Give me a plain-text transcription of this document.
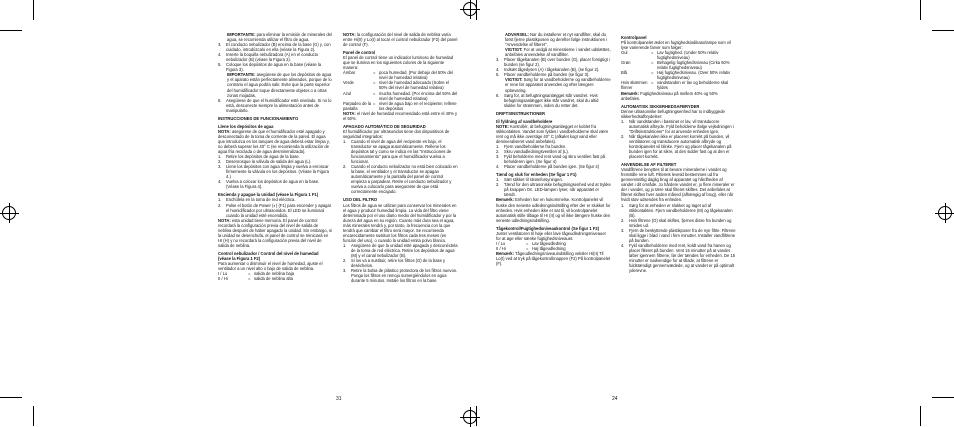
IMPORTANTE: para eliminar la emisión de minerales del agua, se recomienda utilizar el filtro de agua.

3.	El conducto nebulizador (B) encima de la base (G) y, con cuidado, introdúzcalo en ella (véase la Figura 2).
4.	Inserte la boquilla nebulizadora (A) en el conducto nebulizador (B) (véase la Figura 2).
5.	Coloque los depósitos de agua en la base (véase la Figura 3).

IMPORTANTE: asegúrese de que los depósitos de agua y el aparato están perfectamente alineados, porque de lo contrario el agua podría salir. Evite que la parte superior del humidificador toque directamente objetos o a otras zonas mojadas.

6.	Asegúrese de que el humidificador esté nivelado. Si no lo está, desconecte siempre la alimentación antes de manipularlo.

INSTRUCCIONES DE FUNCIONAMIENTO

Llene los depósitos de agua

NOTA: asegúrese de que el humidificador esté apagado y desconectado de la toma de corriente de la pared. El agua que introduzca en los tanques de agua deberá estar limpia y, no deberá superar los 40° C (se recomienda la utilización de agua fría reciclada o de agua desmineralizada).

1.	Retire los depósitos de agua de la base.
2.	Desenrosque la válvula de salida del agua (L).
3.	Llene los depósitos con agua limpia y vuelva a enroscar firmemente la válvula en los depósitos. (Véase la Figura 4.)
4.	Vuelva a colocar los depósitos de agua en la base. (Véase la Figura 4).

Encienda y apague la unidad (véase la Figura 1 F1)

1.	Enchúfela en la toma de red eléctrica.
2.	Pulse el botón de Power (◐) (F1) para encender y apagar el humidificador por ultrasonidos. El LED se iluminará cuando la unidad esté encendida.

NOTA: esta unidad tiene memoria. El panel de control recordará la configuración previa del nivel de salida de neblina después de haber apagado la unidad. Sin embargo, si la unidad se desenchufa, el panel de control se reiniciará en HI (H) y no recordará la configuración previa del nivel de salida de neblina.

Control nebulizador / Control del nivel de humedad (véase la Figura 1 F2)

Para aumentar o disminuir el nivel de humedad, ajuste el ventilador a un nivel alto o bajo de salida de neblina.

I / Lo	= salida de neblina baja
II / Hi	= salida de neblina alta

NOTA: la configuración del nivel de salida de neblina varía entre Hi(II) y Lo(I) al tocar el control nebulizador (F2) del panel de control (F).

Panel de control

El panel de control tiene un indicador luminoso de humedad que se ilumina en los siguientes colores de la siguiente manera:

Ámbar	= poca humedad. (Por debajo del 50% del nivel de humedad relativa)
Verde	= nivel de humedad adecuado (Sobre el 50% del nivel de humedad relativa)
Azul	= mucha humedad. (Por encima del 50% del nivel de humedad relativa)
Parpadeo de la pantalla
= nivel de agua bajo en el recipiente; rellene los depósitos

NOTA: el nivel de humedad recomendado está entre el 40% y el 50%.

APAGADO AUTOMÁTICO DE SEGURIDAD

El humidificador por ultrasonidos tiene dos dispositivos de seguridad integrados:

1.	Cuando el nivel de agua del recipiente es bajo, el transductor se apaga automáticamente. Rellene los depósitos tal y como se indica en las "Instrucciones de funcionamiento" para que el humidificador vuelva a funcionar.
2.	Cuando el conducto nebulizador no está bien colocado en la base, el ventilador y el transductor se apagan automáticamente y la pantalla del panel de control empieza a parpadear. Retire el conducto nebulizador y vuelva a colocarlo para asegurarse de que está correctamente encajado.

USO DEL FILTRO

Los filtros de agua se utilizan para conservar los minerales en el agua y producir humedad limpia. La vida del filtro viene determinada por el uso diario medio del humidificador y por la dureza del agua en su región. Cuanto más dura sea el agua, más minerales tendrá y, por tanto, la frecuencia con la que tendrá que cambiar el filtro será mayor. Se recomienda encarecidamente sustituir los filtros cada tres meses (en función del uso), o cuando la unidad emita polvo blanco.

1.	Asegúrese de que la unidad esté apagada y desconéctela de la toma de red eléctrica. Retire los depósitos de agua (M) y el canal nebulizador (B).
2.	Si los va a sustituir, retire los filtros (O) de la base y deséchelos.
3.	Retire la bolsa de plástico protectora de los filtros nuevos. Ponga los filtros en remojo sumergiéndolos en agua durante 5 minutos. Instale los filtros en la base.

ADVARSEL: Nar du installerer et nyt vandfilter, skal du først fjerne plastikposen og derefter følge instruktionen i "Anvendelse af filteret".

VIGTIGT: For at undgå at mineralerne i vandet udslættes, anbefales anvendelse af vandfilter.

3.	Placer tågekanalen (B) over bunden (G), placer forsigtigt i bunden (se figur 2).
4.	Indsæt tågedysen (A) i tågekanalen (B), (se figur 2).
5.	Placer vandbeholderne på bunden (se figur 3).

VIGTIGT: Sørg for at vandbeholderne og vandbeholderne er rene før apparatet anvendes og efter længere opbevaring.

6.	Sørg for, at befugtningsanlægget står vandret. Hvis befugtningsanlægget ikke står vandret, skal du altid slukke for strømmen, inden du retter det.

DRIFTSINSTRUKTIONER

til fyldning af vandbeholdere

NOTE: Kontrollér, at befugtningsanlægget er koblet fra stikkontakten. Vandet som fyldes i vandbeholderne skal være rent og må ikke overstige 40° C (afkølet kogt vand eller demineraliseret vand anbefales).

1.	Fjern vandbeholderne fra bunden.
2.	Skru vandudledningsventilen af (L).
3.	Fyld beholderne med rent vand og skru ventilen fast på beholderen igen. (Se figur 4)
4.	Placer vandbeholderne på bunden igen. (Se figur 4)

Tænd og sluk for enheden (Se figur 1 F1)

1.	Sæt stikket til strømforsyningen.
2.	Tænd for den ultrasoniske befugtningsenhed ved at trykke på knappen On. LED-lampen lyser, når apparatet er tændt.

Bemærk: Enheden har en hukommelse. Kontrolpanelet vil huske den seneste udledningsindstilling efter der er slukket for enheden. Hvis enheden ikke er sat til, vil kontrolpanelet automatisk stille tilbage til Hi (II) og vil ikke længere huske den seneste udledningsindstilling.

Tågekontrol/Fugtighedsniveaukontrol (Se figur 1 F2)

Juster ventilatoren til høje eller lave tågeudledningsniveauer for at øge eller sænke fugtighedsniveauet.

I / Lo	= Lav tågeudledning
II / Hi	= Høj tågeudledning

Bemærk: Tågeudledningsniveauindstilling veksler Hi(II) Til Lo(I) ved at tryk på tågekontrolknappen (F2) På kontrolpanelet (F).

Kontrolpanel

På kontrolpanelet ædet en fugtighedsindikatorlampe som vil lyse varierende farver som følger:

Gul	= Lav fugtighed. (Under 50% relativ fugtighedsniveau)
Grøn	= Behagelig fugtighedsniveau (Cirka 50% relativ fugtighedsniveau)
Blå	= Høj fugtighedsniveau. (Over 50% relativ fugtighedsniveau)
Hvis skærmen flimrer
= vandstanden er lav og beholderne skal fyldes

Bemærk: Fugtighedsniveau på mellem 40% og 50% anbefales.

AUTOMATISK SIKKERHEDSAFBRYDER

Denne ultrasoniske befugtningsenhed har to indbyggede sikkerhedsafbrydelser:

1.	Når vandstanden i bassinet er lav, vil transducere automatisk afbryde. Fyld beholderne ifølge vejledningen i "Driftsinstruktioner" for at anvende enheden igen.
2.	Når tågekanalen ikke er placeret korrekt på bunden, vil ventilatoren og transducere automatisk afbryde og kontrolpanelet vil blinke. Fjern og placer tågekanalen på bunden igen for at sikre, at den sidder fast og at den er placeret korrekt.

ANVENDELSE AF FILTERET

Vandfiltrene benyttes til at bevare mineralerne i vandet og fremstille rene luft. Filterets levetid bestemmes ud fra gennemsnitlig daglig brug af apparatet og hårdheden af vandet i dit område. Jo hårdere vandet er, jo flere mineraler er der i vandet, og jo tære skal filteret skiftes. Det anbefales at filteret skiftes hver anden måned (afhængig af brug), eller når hvidt støv udsendes fra enheden.

1.	Sørg for at enheden er slukket og taget ud af stikkontakten. Fjern vandbeholderne (M) og tågekanalen (B).
2.	Hvis filtrene (O) skal skiftes, fjernes disse fra bunden og smides ud.
3.	Fjern de beskyttende plastikposer fra de nye filtre. Filtrene skal ligge i blød i vand i fem minutter. Installer vandfiltrene på bunden.
4.	Fyld vandbeholderne med rent, koldt vand fra hanen og placer filteret på bunden. Vent 15 minutter på at vandet løber igennem filtrene, før der tændes for enheden. De 15 minutter er nødvendige for at tillade, at filtrene er fuldstændigt gennemvædede, og at vandet er på optimalt yderevne.
31	24
